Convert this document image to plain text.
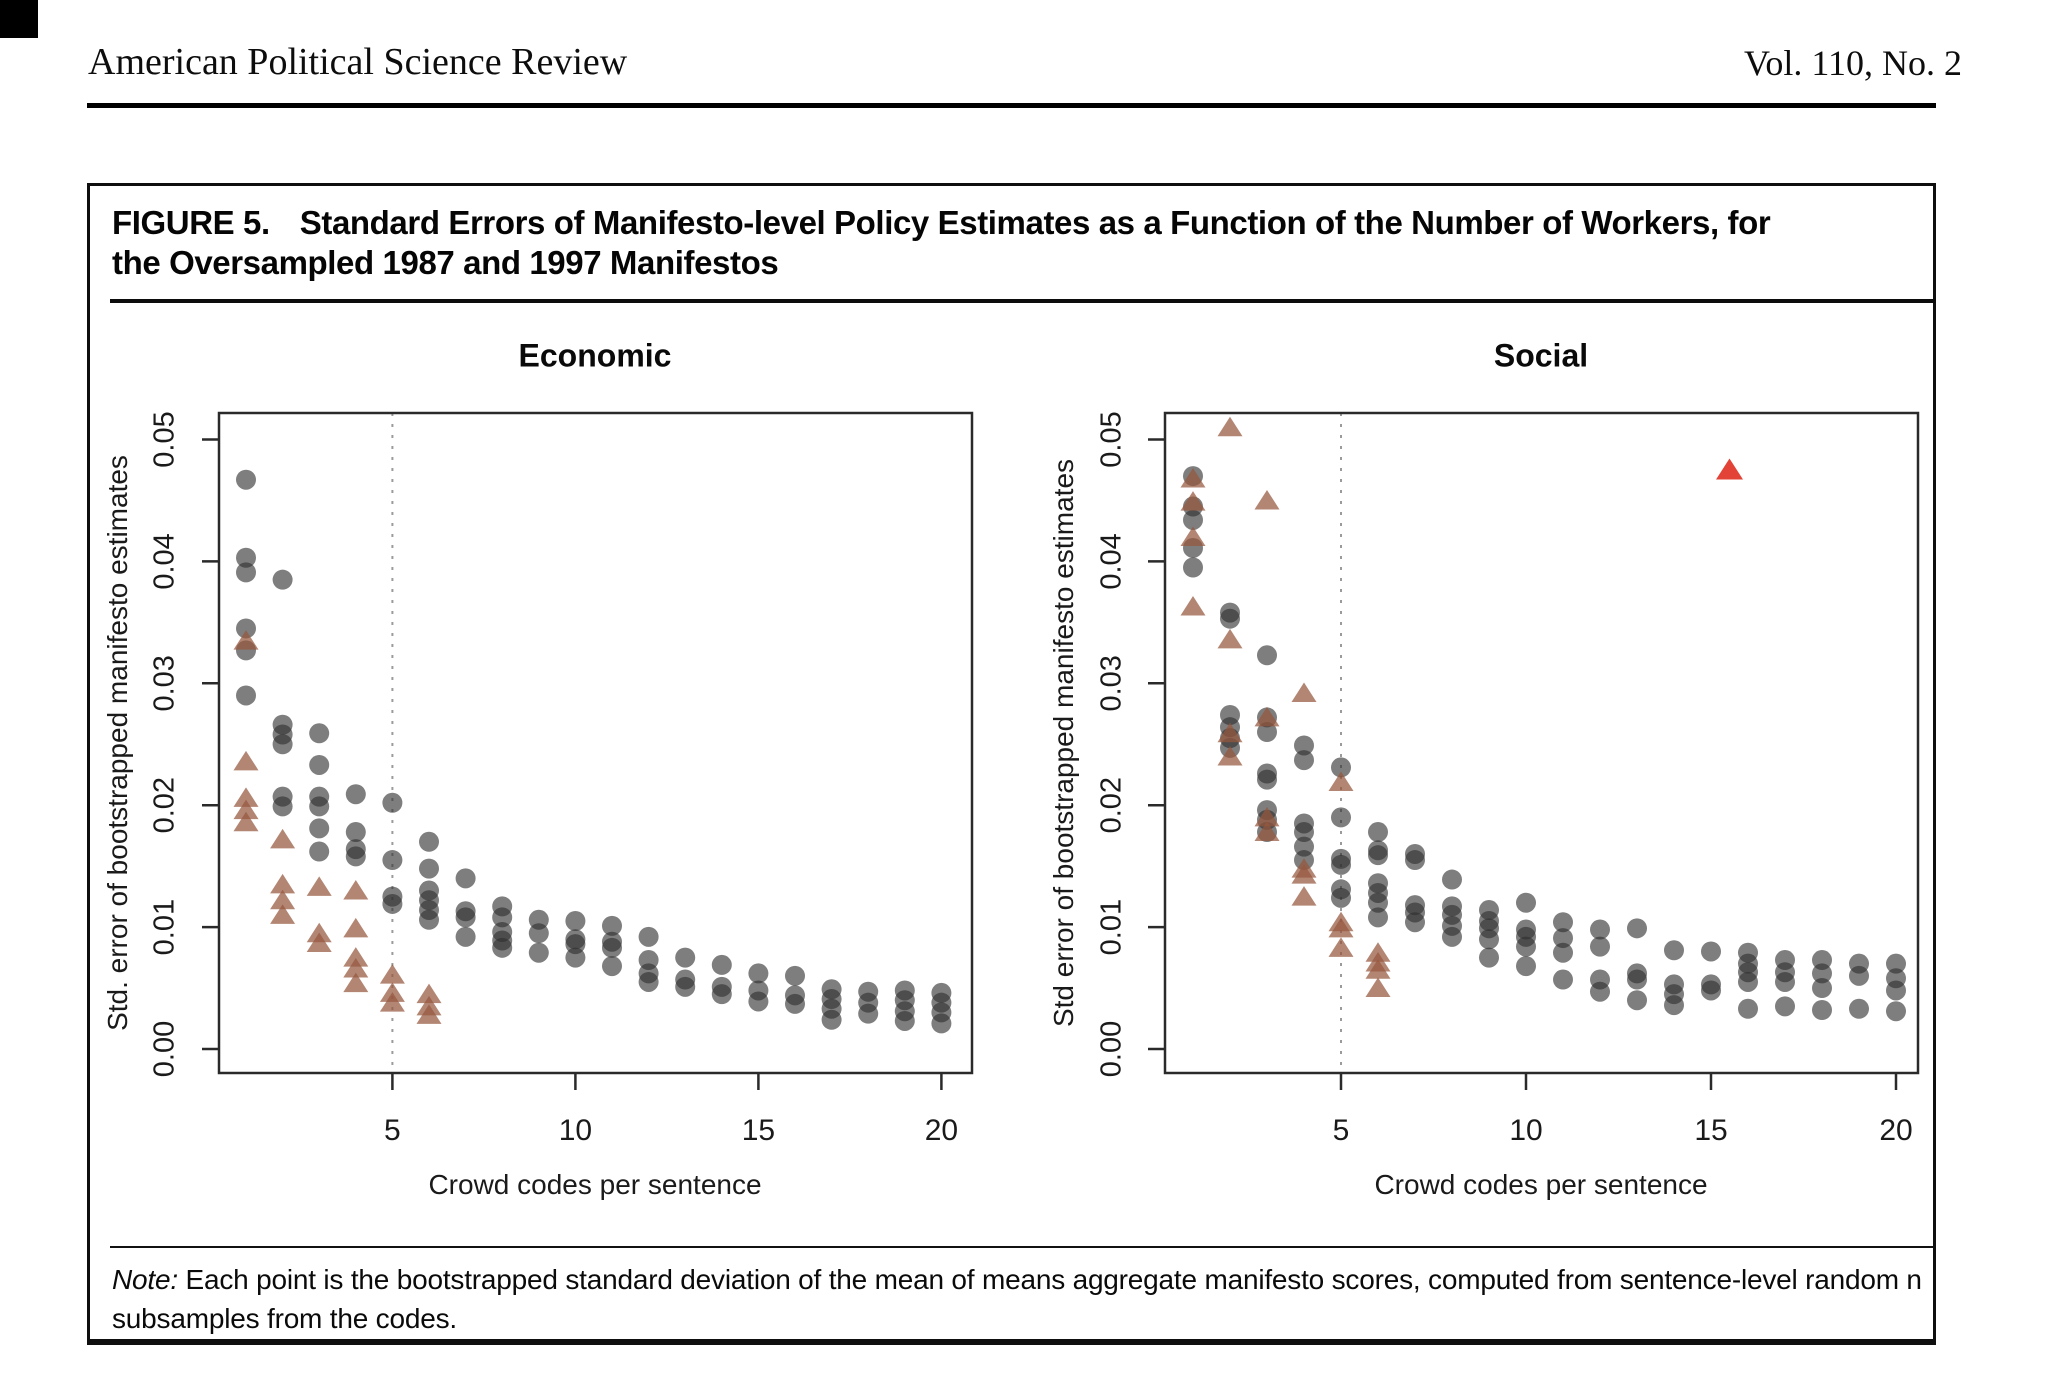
American Political Science Review	Vol. 110, No. 2
FIGURE 5. Standard Errors of Manifesto-level Policy Estimates as a Function of the Number of Workers, for the Oversampled 1987 and 1997 Manifestos
Economic	Social
Std. error of bootstrapped manifesto estimates	Std error of bootstrapped manifesto estimates
Crowd codes per sentence	Crowd codes per sentence
0.00
0.01
0.02
0.03
0.04
0.05
5	10	15	20
0.00
0.01
0.02
0.03
0.04
0.05
5	10	15	20
Note: Each point is the bootstrapped standard deviation of the mean of means aggregate manifesto scores, computed from sentence-level random n subsamples from the codes.
